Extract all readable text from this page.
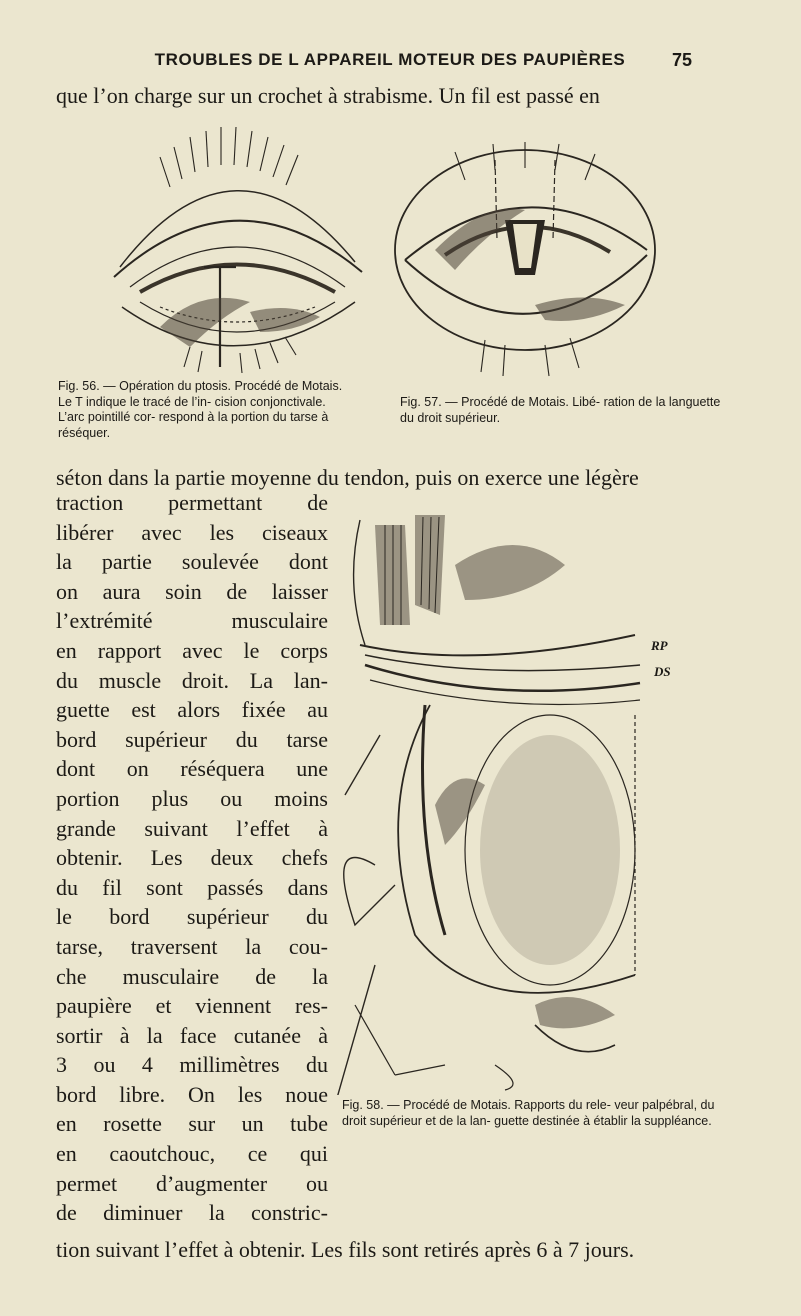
TROUBLES DE L APPAREIL MOTEUR DES PAUPIÈRES	75
que l’on charge sur un crochet à strabisme. Un fil est passé en
Fig. 56. — Opération du ptosis. Procédé de Motais. Le T indique le tracé de l’in- cision conjonctivale. L’arc pointillé cor- respond à la portion du tarse à réséquer.
Fig. 57. — Procédé de Motais. Libé- ration de la languette du droit supérieur.
séton dans la partie moyenne du tendon, puis on exerce une légère
RP
DS
Fig. 58. — Procédé de Motais. Rapports du rele- veur palpébral, du droit supérieur et de la lan- guette destinée à établir la suppléance.
traction permettant de
libérer avec les ciseaux
la partie soulevée dont
on aura soin de laisser
l’extrémité musculaire
en rapport avec le corps
du muscle droit. La lan-
guette est alors fixée au
bord supérieur du tarse
dont on réséquera une
portion plus ou moins
grande suivant l’effet à
obtenir. Les deux chefs
du fil sont passés dans
le bord supérieur du
tarse, traversent la cou-
che musculaire de la
paupière et viennent res-
sortir à la face cutanée à
3 ou 4 millimètres du
bord libre. On les noue
en rosette sur un tube
en caoutchouc, ce qui
permet d’augmenter ou
de diminuer la constric-
tion suivant l’effet à obtenir. Les fils sont retirés après 6 à 7 jours.
